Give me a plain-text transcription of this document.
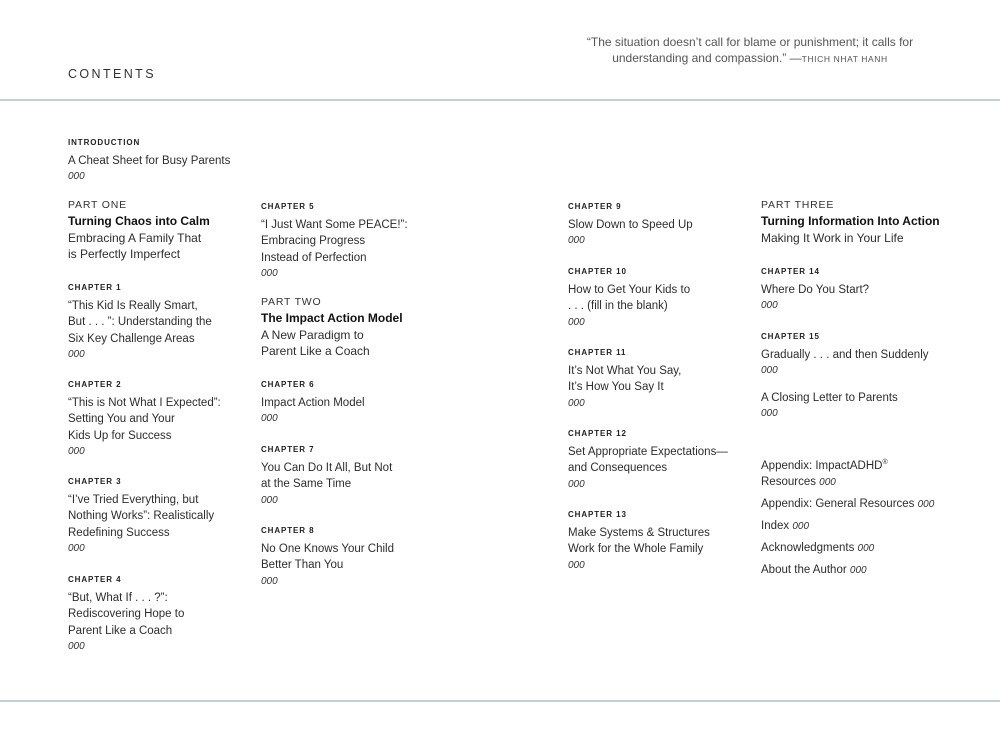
“The situation doesn’t call for blame or punishment; it calls for
understanding and compassion.” —THICH NHAT HANH
CONTENTS
INTRODUCTION
A Cheat Sheet for Busy Parents
000
PART ONE
Turning Chaos into Calm
Embracing A Family That
is Perfectly Imperfect
CHAPTER 1
“This Kid Is Really Smart,
But . . . ”: Understanding the
Six Key Challenge Areas
000
CHAPTER 2
“This is Not What I Expected”:
Setting You and Your
Kids Up for Success
000
CHAPTER 3
“I’ve Tried Everything, but
Nothing Works”: Realistically
Redefining Success
000
CHAPTER 4
“But, What If . . . ?”:
Rediscovering Hope to
Parent Like a Coach
000
CHAPTER 5
“I Just Want Some PEACE!”:
Embracing Progress
Instead of Perfection
000
PART TWO
The Impact Action Model
A New Paradigm to
Parent Like a Coach
CHAPTER 6
Impact Action Model
000
CHAPTER 7
You Can Do It All, But Not
at the Same Time
000
CHAPTER 8
No One Knows Your Child
Better Than You
000
CHAPTER 9
Slow Down to Speed Up
000
CHAPTER 10
How to Get Your Kids to
. . . (fill in the blank)
000
CHAPTER 11
It’s Not What You Say,
It’s How You Say It
000
CHAPTER 12
Set Appropriate Expectations—
and Consequences
000
CHAPTER 13
Make Systems & Structures
Work for the Whole Family
000
PART THREE
Turning Information Into Action
Making It Work in Your Life
CHAPTER 14
Where Do You Start?
000
CHAPTER 15
Gradually . . . and then Suddenly
000
A Closing Letter to Parents
000
Appendix: ImpactADHD®
Resources 000
Appendix: General Resources 000
Index 000
Acknowledgments 000
About the Author 000
